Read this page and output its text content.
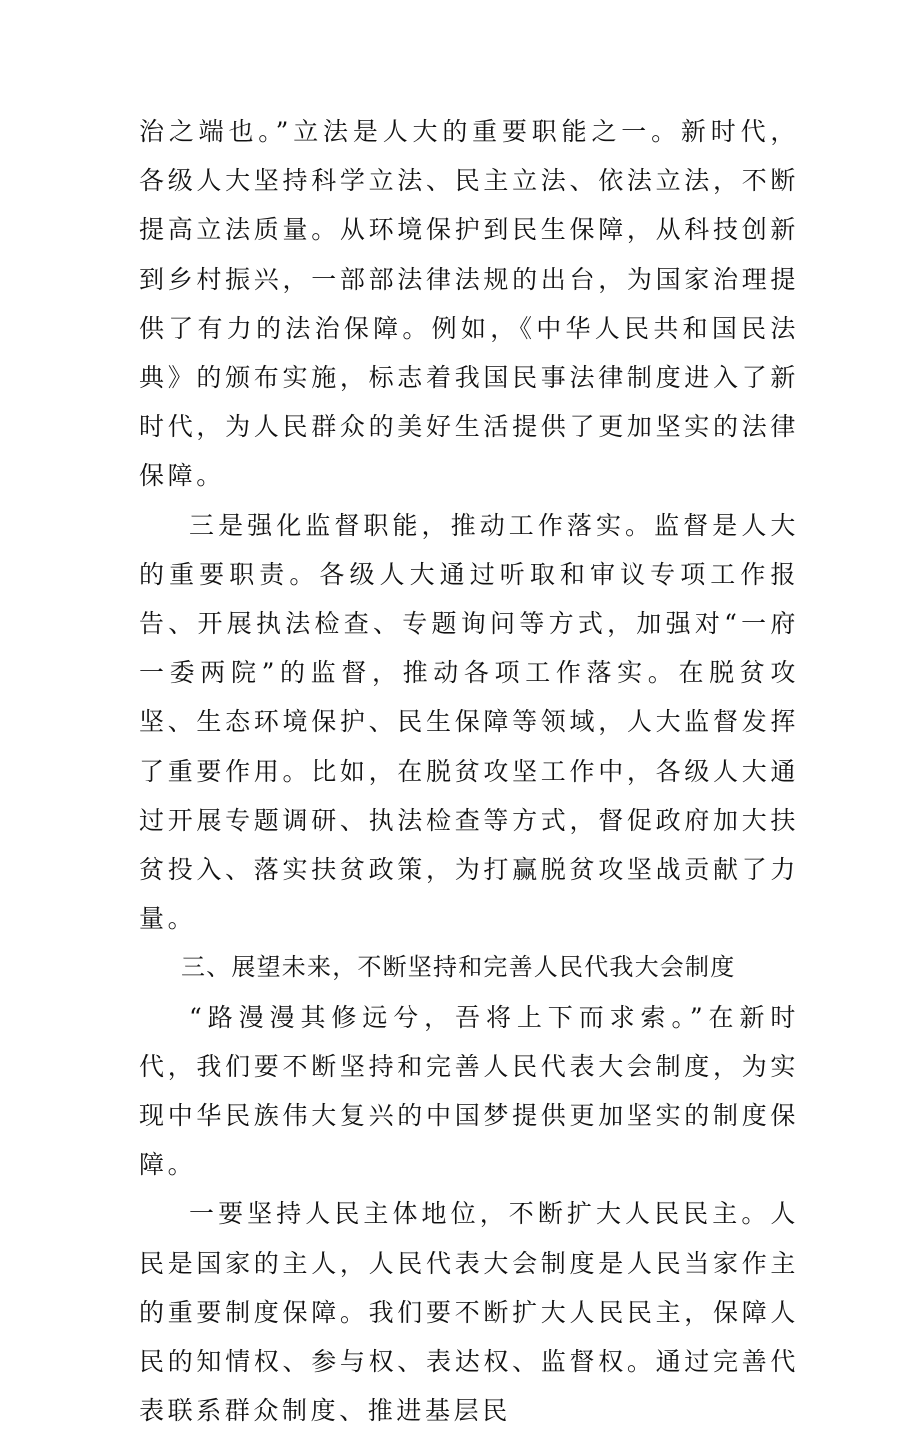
治之端也。”立法是人大的重要职能之一。新时代，各级人大坚持科学立法、民主立法、依法立法，不断提高立法质量。从环境保护到民生保障，从科技创新到乡村振兴，一部部法律法规的出台，为国家治理提供了有力的法治保障。例如，《中华人民共和国民法典》的颁布实施，标志着我国民事法律制度进入了新时代，为人民群众的美好生活提供了更加坚实的法律保障。

三是强化监督职能，推动工作落实。监督是人大的重要职责。各级人大通过听取和审议专项工作报告、开展执法检查、专题询问等方式，加强对“一府一委两院”的监督，推动各项工作落实。在脱贫攻坚、生态环境保护、民生保障等领域，人大监督发挥了重要作用。比如，在脱贫攻坚工作中，各级人大通过开展专题调研、执法检查等方式，督促政府加大扶贫投入、落实扶贫政策，为打赢脱贫攻坚战贡献了力量。

三、展望未来，不断坚持和完善人民代我大会制度

“路漫漫其修远兮，吾将上下而求索。”在新时代，我们要不断坚持和完善人民代表大会制度，为实现中华民族伟大复兴的中国梦提供更加坚实的制度保障。

一要坚持人民主体地位，不断扩大人民民主。人民是国家的主人，人民代表大会制度是人民当家作主的重要制度保障。我们要不断扩大人民民主，保障人民的知情权、参与权、表达权、监督权。通过完善代表联系群众制度、推进基层民
